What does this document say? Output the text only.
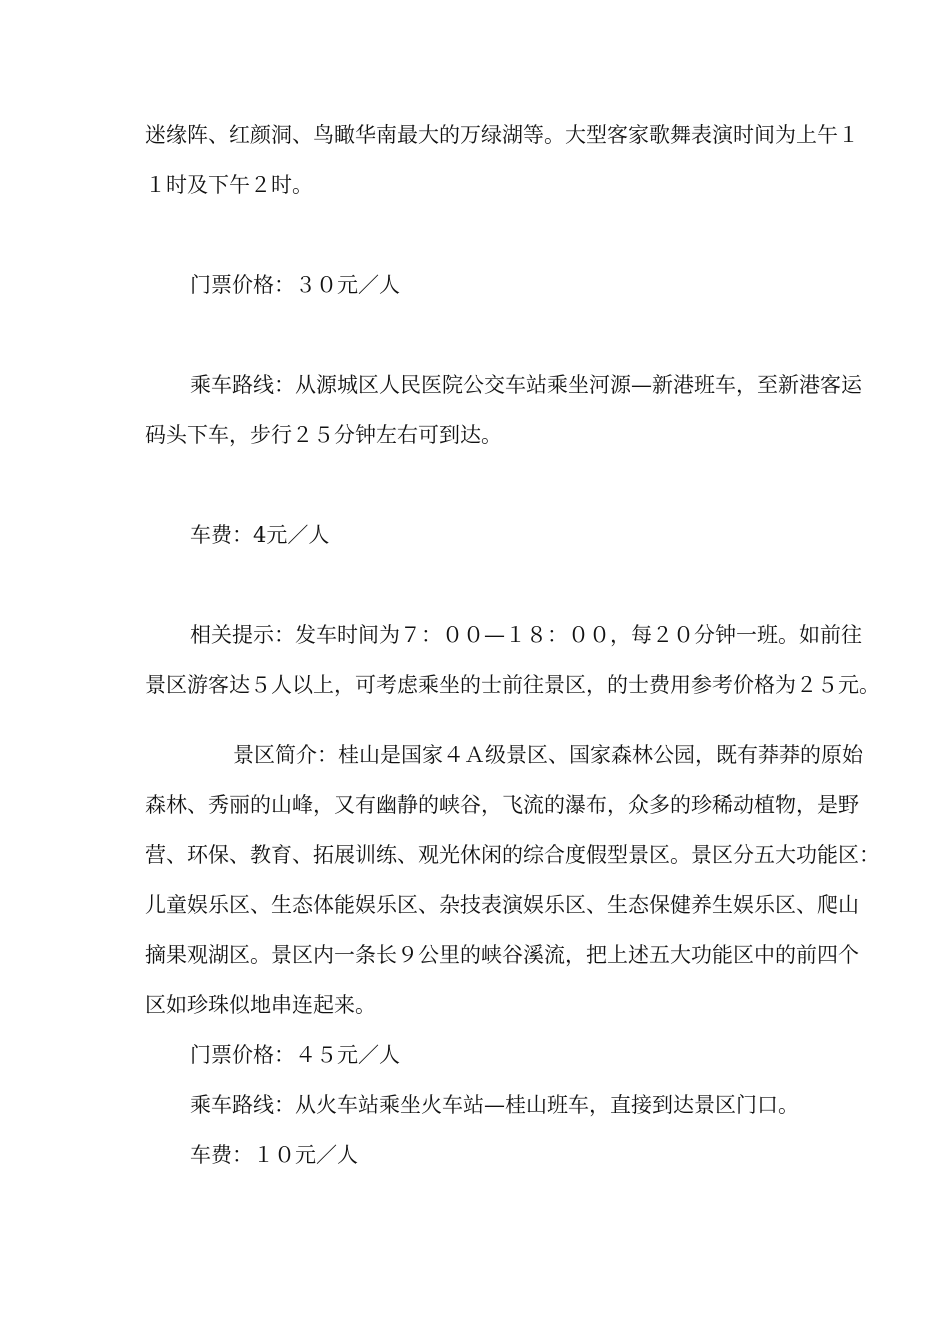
迷缘阵、红颜洞、鸟瞰华南最大的万绿湖等。大型客家歌舞表演时间为上午１
１时及下午２时。
门票价格：３０元／人
乘车路线：从源城区人民医院公交车站乘坐河源—新港班车，至新港客运
码头下车，步行２５分钟左右可到达。
车费：4元／人
相关提示：发车时间为７：００—１８：００，每２０分钟一班。如前往
景区游客达５人以上，可考虑乘坐的士前往景区，的士费用参考价格为２５元。
景区简介：桂山是国家４Ａ级景区、国家森林公园，既有莽莽的原始
森林、秀丽的山峰，又有幽静的峡谷，飞流的瀑布，众多的珍稀动植物，是野
营、环保、教育、拓展训练、观光休闲的综合度假型景区。景区分五大功能区：
儿童娱乐区、生态体能娱乐区、杂技表演娱乐区、生态保健养生娱乐区、爬山
摘果观湖区。景区内一条长９公里的峡谷溪流，把上述五大功能区中的前四个
区如珍珠似地串连起来。
门票价格：４５元／人
乘车路线：从火车站乘坐火车站—桂山班车，直接到达景区门口。
车费：１０元／人
